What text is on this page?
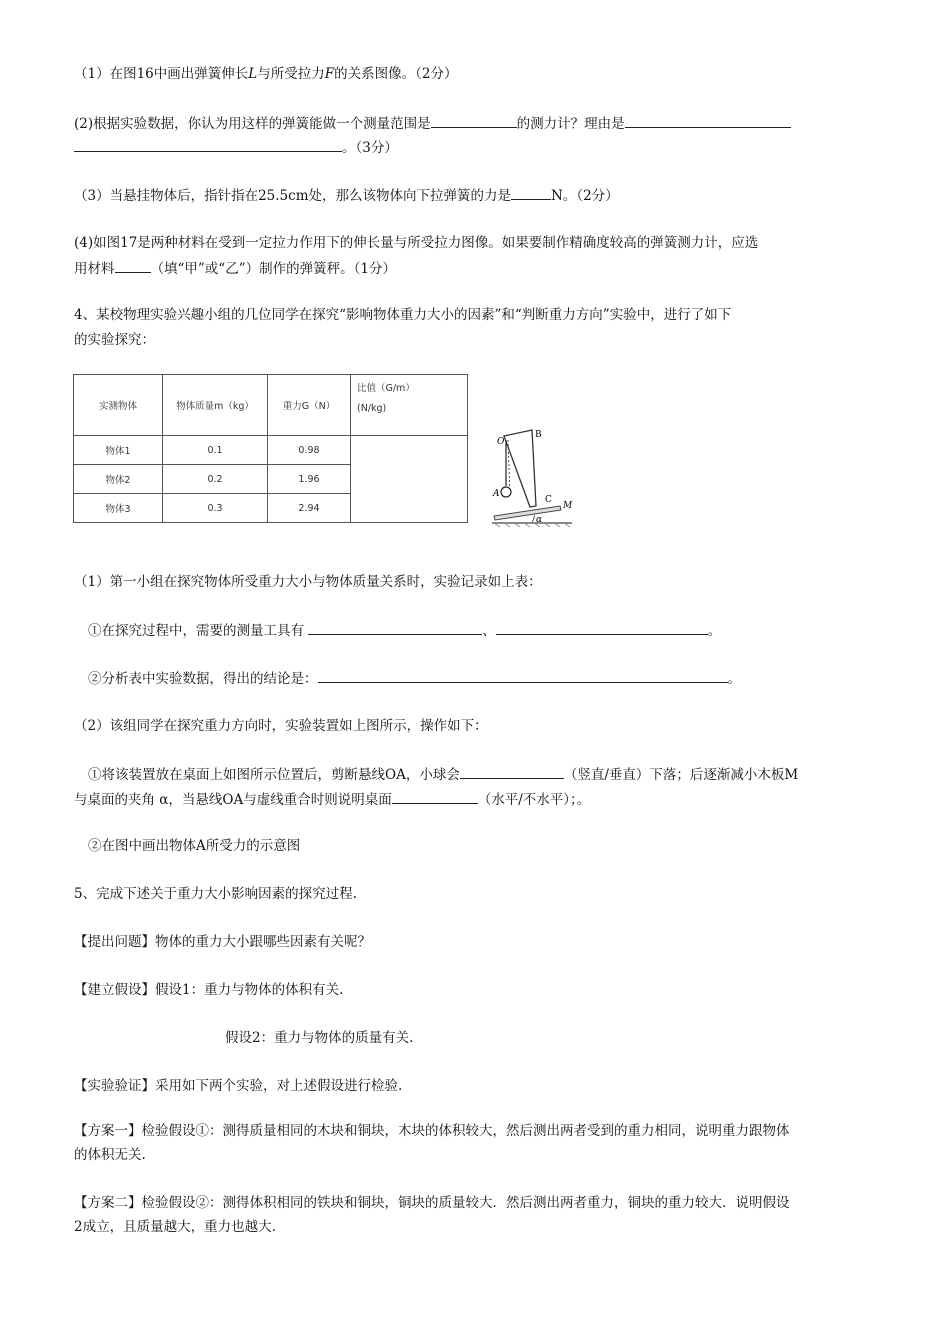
（1）在图16中画出弹簧伸长L与所受拉力F的关系图像。（2分）
(2)根据实验数据，你认为用这样的弹簧能做一个测量范围是	的测力计？理由是
。（3分）
（3）当悬挂物体后，指针指在25.5cm处，那么该物体向下拉弹簧的力是	N。（2分）
(4)如图17是两种材料在受到一定拉力作用下的伸长量与所受拉力图像。如果要制作精确度较高的弹簧测力计，应选
用材料	（填“甲”或“乙”）制作的弹簧秤。（1分）
4、某校物理实验兴趣小组的几位同学在探究“影响物体重力大小的因素”和“判断重力方向”实验中，进行了如下
的实验探究：
实测物体	物体质量m（kg）	重力G（N）	比值（G/m）
(N/kg)

物体1	0.1	0.98	
物体2	0.2	1.96	
物体3	0.3	2.94	
O
B
A
C
M
α
（1）第一小组在探究物体所受重力大小与物体质量关系时，实验记录如上表：
①在探究过程中，需要的测量工具有	、	。
②分析表中实验数据，得出的结论是：	。
（2）该组同学在探究重力方向时，实验装置如上图所示，操作如下：
①将该装置放在桌面上如图所示位置后，剪断悬线OA，小球会	（竖直/垂直）下落；后逐渐减小木板M
与桌面的夹角 α，当悬线OA与虚线重合时则说明桌面	（水平/不水平）；。
②在图中画出物体A所受力的示意图
5、完成下述关于重力大小影响因素的探究过程.
【提出问题】物体的重力大小跟哪些因素有关呢？
【建立假设】假设1：重力与物体的体积有关.
假设2：重力与物体的质量有关.
【实验验证】采用如下两个实验，对上述假设进行检验.
【方案一】检验假设①：测得质量相同的木块和铜块，木块的体积较大，然后测出两者受到的重力相同，说明重力跟物体
的体积无关.
【方案二】检验假设②：测得体积相同的铁块和铜块，铜块的质量较大．然后测出两者重力，铜块的重力较大．说明假设
2成立，且质量越大，重力也越大.
